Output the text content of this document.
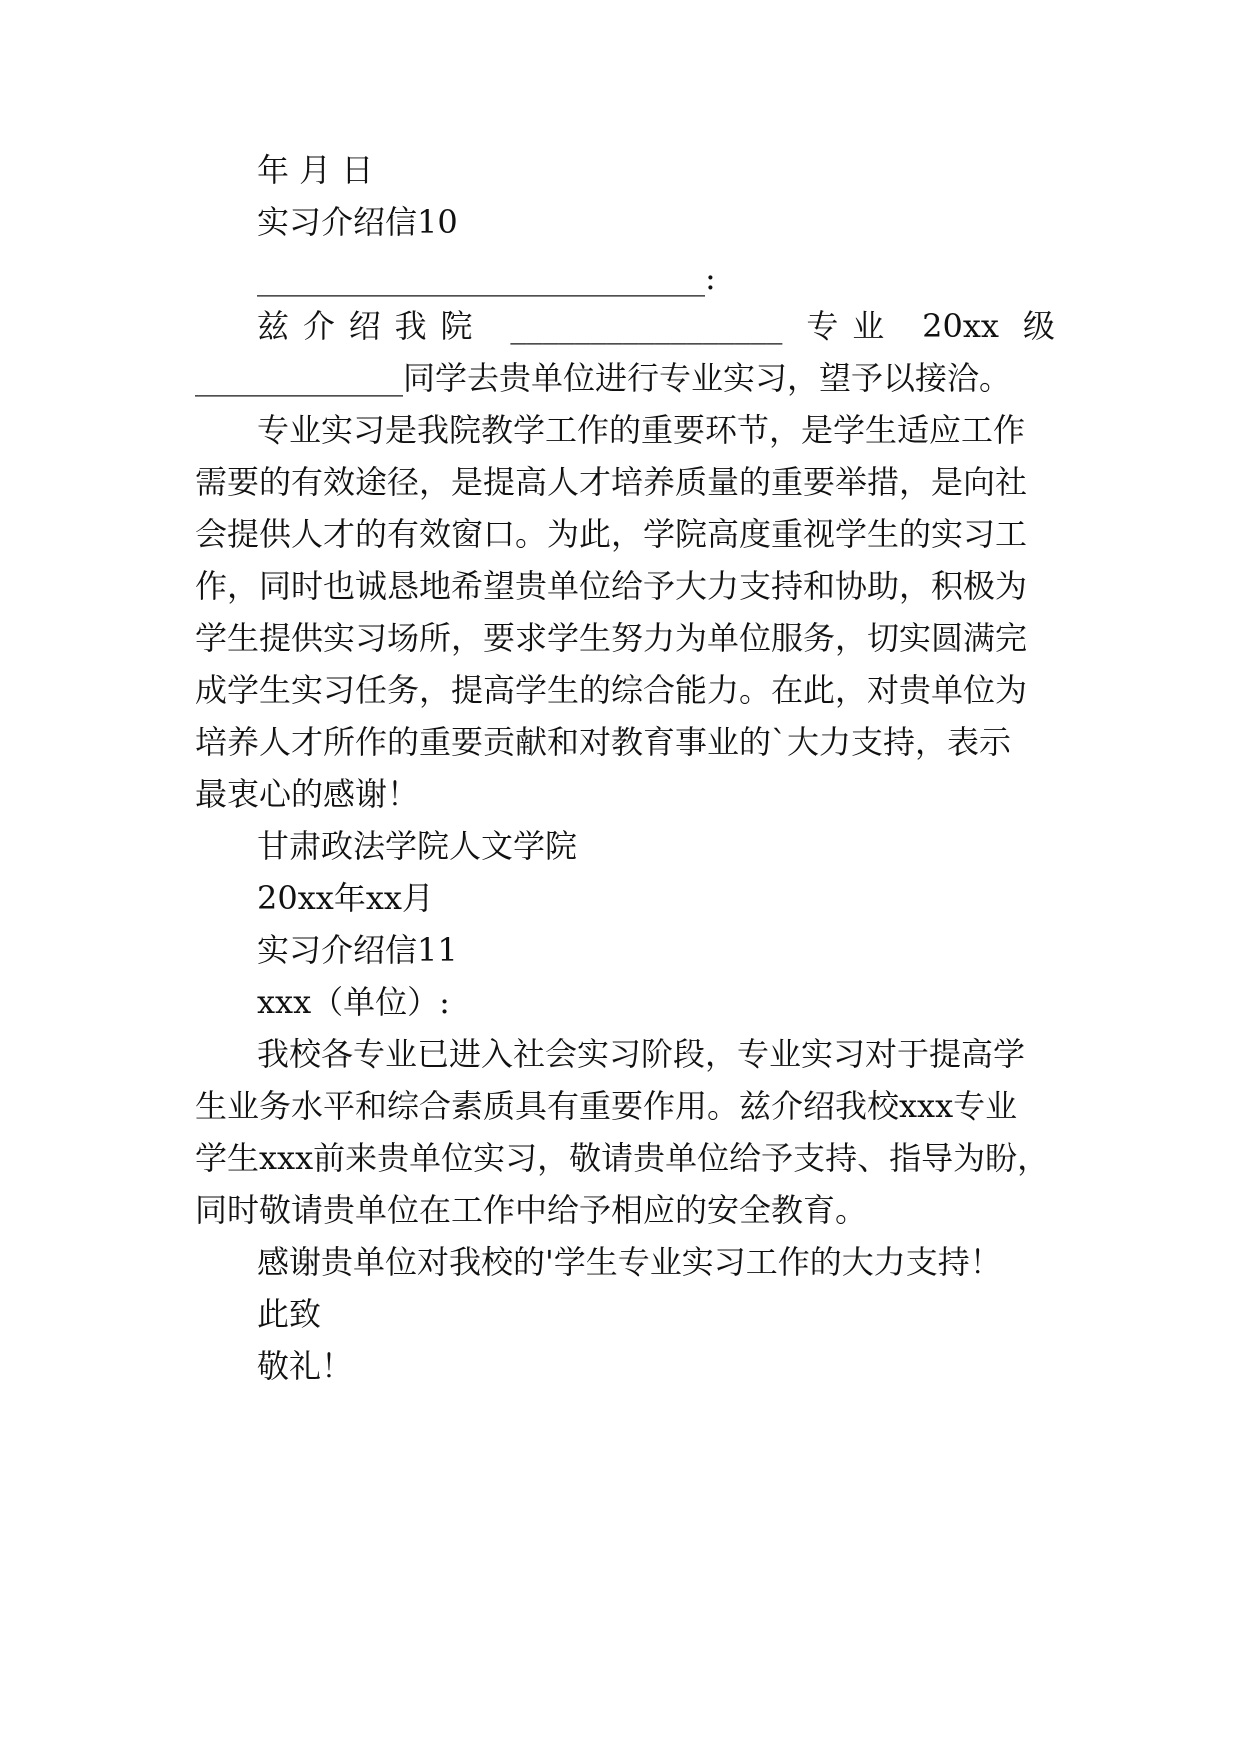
年 月 日
实习介绍信10
____________________________:
兹介绍我院 _________________ 专业 20xx 级
_____________同学去贵单位进行专业实习，望予以接洽。
专业实习是我院教学工作的重要环节，是学生适应工作
需要的有效途径，是提高人才培养质量的重要举措，是向社
会提供人才的有效窗口。为此，学院高度重视学生的实习工
作，同时也诚恳地希望贵单位给予大力支持和协助，积极为
学生提供实习场所，要求学生努力为单位服务，切实圆满完
成学生实习任务，提高学生的综合能力。在此，对贵单位为
培养人才所作的重要贡献和对教育事业的`大力支持，表示
最衷心的感谢！
甘肃政法学院人文学院
20xx年xx月
实习介绍信11
xxx（单位）:
我校各专业已进入社会实习阶段，专业实习对于提高学
生业务水平和综合素质具有重要作用。兹介绍我校xxx专业
学生xxx前来贵单位实习，敬请贵单位给予支持、指导为盼，
同时敬请贵单位在工作中给予相应的安全教育。
感谢贵单位对我校的'学生专业实习工作的大力支持！
此致
敬礼！
